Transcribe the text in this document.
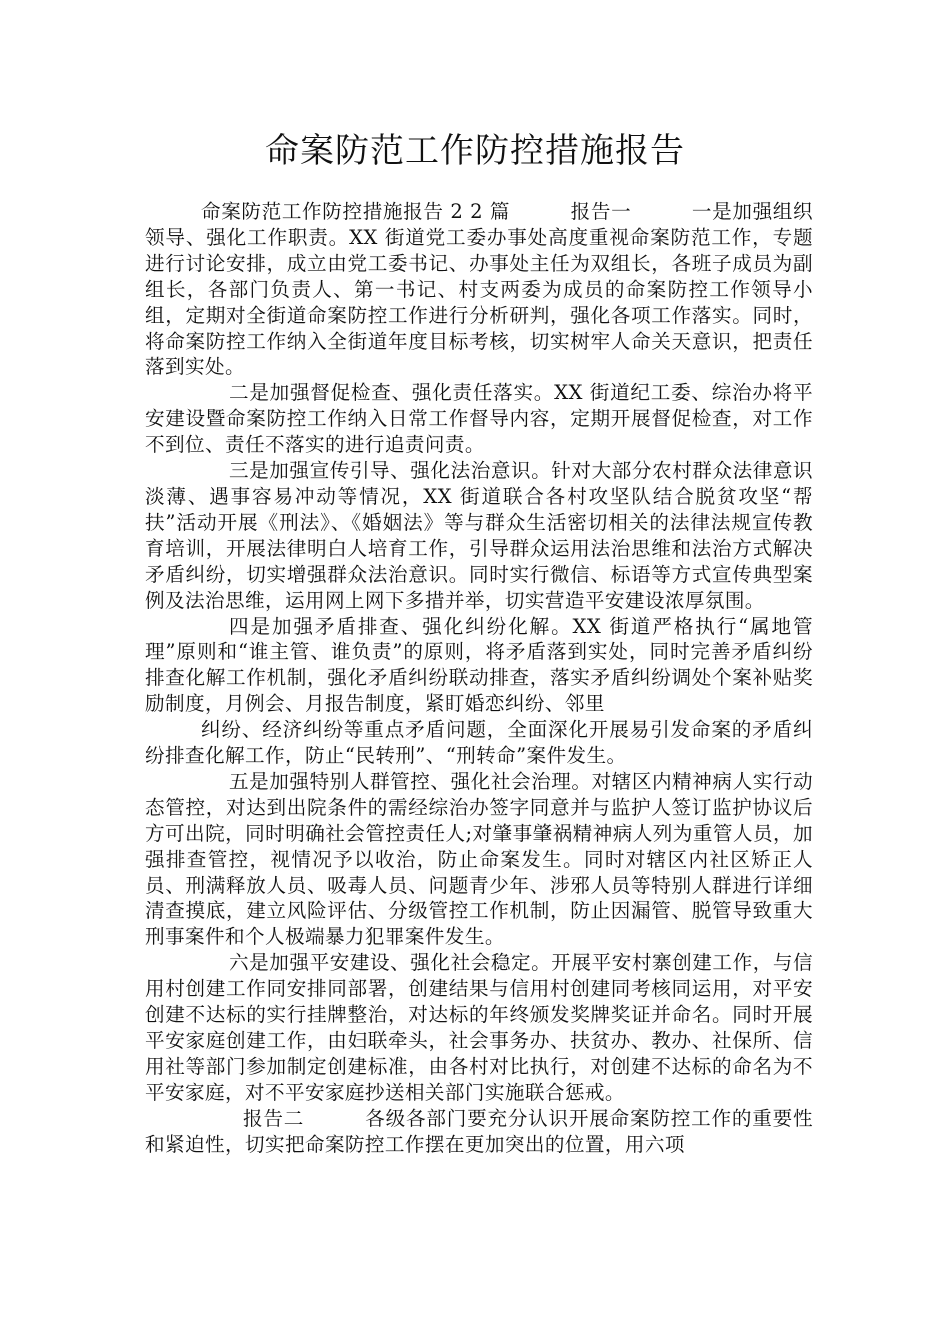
命案防范工作防控措施报告

命案防范工作防控措施报告 2 2 篇　　　报告一　　　一是加强组织领导、强化工作职责。XX 街道党工委办事处高度重视命案防范工作，专题进行讨论安排，成立由党工委书记、办事处主任为双组长，各班子成员为副组长，各部门负责人、第一书记、村支两委为成员的命案防控工作领导小组，定期对全街道命案防控工作进行分析研判，强化各项工作落实。同时，将命案防控工作纳入全街道年度目标考核，切实树牢人命关天意识，把责任落到实处。

二是加强督促检查、强化责任落实。XX 街道纪工委、综治办将平安建设暨命案防控工作纳入日常工作督导内容，定期开展督促检查，对工作不到位、责任不落实的进行追责问责。

三是加强宣传引导、强化法治意识。针对大部分农村群众法律意识淡薄、遇事容易冲动等情况，XX 街道联合各村攻坚队结合脱贫攻坚“帮扶”活动开展《刑法》、《婚姻法》等与群众生活密切相关的法律法规宣传教育培训，开展法律明白人培育工作，引导群众运用法治思维和法治方式解决矛盾纠纷，切实增强群众法治意识。同时实行微信、标语等方式宣传典型案例及法治思维，运用网上网下多措并举，切实营造平安建设浓厚氛围。

四是加强矛盾排查、强化纠纷化解。XX 街道严格执行“属地管理”原则和“谁主管、谁负责”的原则，将矛盾落到实处，同时完善矛盾纠纷排查化解工作机制，强化矛盾纠纷联动排查，落实矛盾纠纷调处个案补贴奖励制度，月例会、月报告制度，紧盯婚恋纠纷、邻里

纠纷、经济纠纷等重点矛盾问题，全面深化开展易引发命案的矛盾纠纷排查化解工作，防止“民转刑”、“刑转命”案件发生。

五是加强特别人群管控、强化社会治理。对辖区内精神病人实行动态管控，对达到出院条件的需经综治办签字同意并与监护人签订监护协议后方可出院，同时明确社会管控责任人;对肇事肇祸精神病人列为重管人员，加强排查管控，视情况予以收治，防止命案发生。同时对辖区内社区矫正人员、刑满释放人员、吸毒人员、问题青少年、涉邪人员等特别人群进行详细清查摸底，建立风险评估、分级管控工作机制，防止因漏管、脱管导致重大刑事案件和个人极端暴力犯罪案件发生。

六是加强平安建设、强化社会稳定。开展平安村寨创建工作，与信用村创建工作同安排同部署，创建结果与信用村创建同考核同运用，对平安创建不达标的实行挂牌整治，对达标的年终颁发奖牌奖证并命名。同时开展平安家庭创建工作，由妇联牵头，社会事务办、扶贫办、教办、社保所、信用社等部门参加制定创建标准，由各村对比执行，对创建不达标的命名为不平安家庭，对不平安家庭抄送相关部门实施联合惩戒。

报告二　　　各级各部门要充分认识开展命案防控工作的重要性和紧迫性，切实把命案防控工作摆在更加突出的位置，用六项
